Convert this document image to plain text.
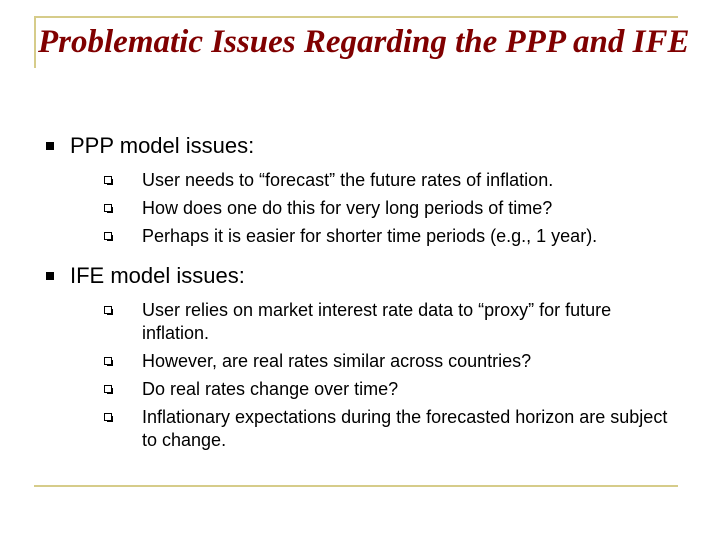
Problematic Issues Regarding the PPP and IFE
PPP model issues:
User needs to “forecast” the future rates of inflation.
How does one do this for very long periods of time?
Perhaps it is easier for shorter time periods (e.g., 1 year).
IFE model issues:
User relies on market interest rate data to “proxy” for future inflation.
However, are real rates similar across countries?
Do real rates change over time?
Inflationary expectations during the forecasted horizon are subject to change.
